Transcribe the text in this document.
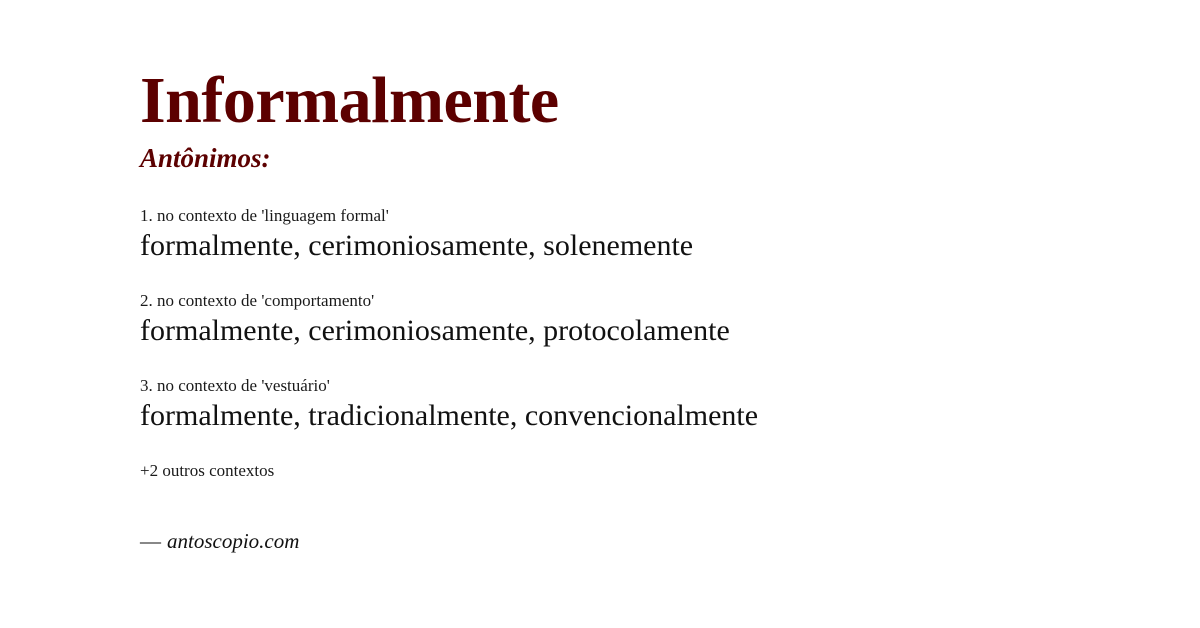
Informalmente
Antônimos:
1. no contexto de 'linguagem formal'
formalmente, cerimoniosamente, solenemente
2. no contexto de 'comportamento'
formalmente, cerimoniosamente, protocolamente
3. no contexto de 'vestuário'
formalmente, tradicionalmente, convencionalmente
+2 outros contextos
— antoscopio.com
